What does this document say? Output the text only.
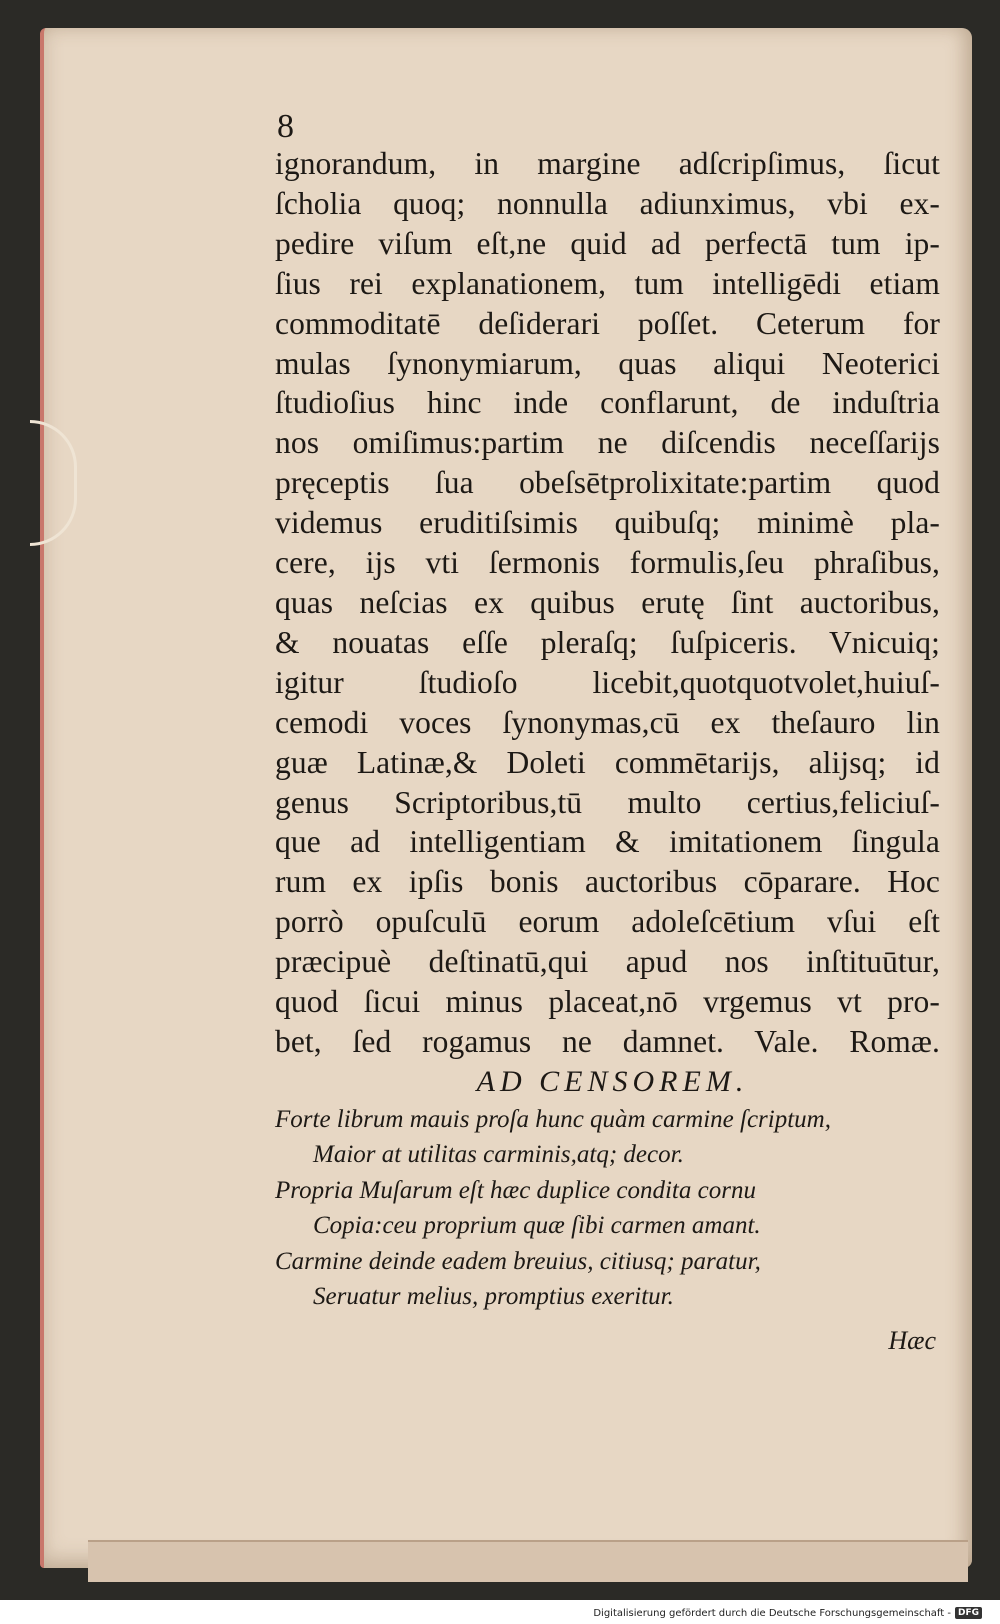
8
ignorandum, in margine adſcripſimus, ſicut
ſcholia quoq; nonnulla adiunximus, vbi ex-
pedire viſum eſt,ne quid ad perfectā tum ip-
ſius rei explanationem, tum intelligēdi etiam
commoditatē deſiderari poſſet. Ceterum for
mulas ſynonymiarum, quas aliqui Neoterici
ſtudioſius hinc inde conflarunt, de induſtria
nos omiſimus:partim ne diſcendis neceſſarijs
pręceptis ſua obeſsētprolixitate:partim quod
videmus eruditiſsimis quibuſq; minimè pla-
cere, ijs vti ſermonis formulis,ſeu phraſibus,
quas neſcias ex quibus erutę ſint auctoribus,
& nouatas eſſe pleraſq; ſuſpiceris. Vnicuiq;
igitur ſtudioſo licebit,quotquotvolet,huiuſ-
cemodi voces ſynonymas,cū ex theſauro lin
guæ Latinæ,& Doleti commētarijs, alijsq; id
genus Scriptoribus,tū multo certius,feliciuſ-
que ad intelligentiam & imitationem ſingula
rum ex ipſis bonis auctoribus cōparare. Hoc
porrò opuſculū eorum adoleſcētium vſui eſt
præcipuè deſtinatū,qui apud nos inſtituūtur,
quod ſicui minus placeat,nō vrgemus vt pro-
bet, ſed rogamus ne damnet. Vale. Romæ.
AD CENSOREM.
Forte librum mauis proſa hunc quàm carmine ſcriptum,
Maior at utilitas carminis,atq; decor.
Propria Muſarum eſt hæc duplice condita cornu
Copia:ceu proprium quæ ſibi carmen amant.
Carmine deinde eadem breuius, citiusq; paratur,
Seruatur melius, promptius exeritur.
Hæc
Digitalisierung gefördert durch die Deutsche Forschungsgemeinschaft - DFG
